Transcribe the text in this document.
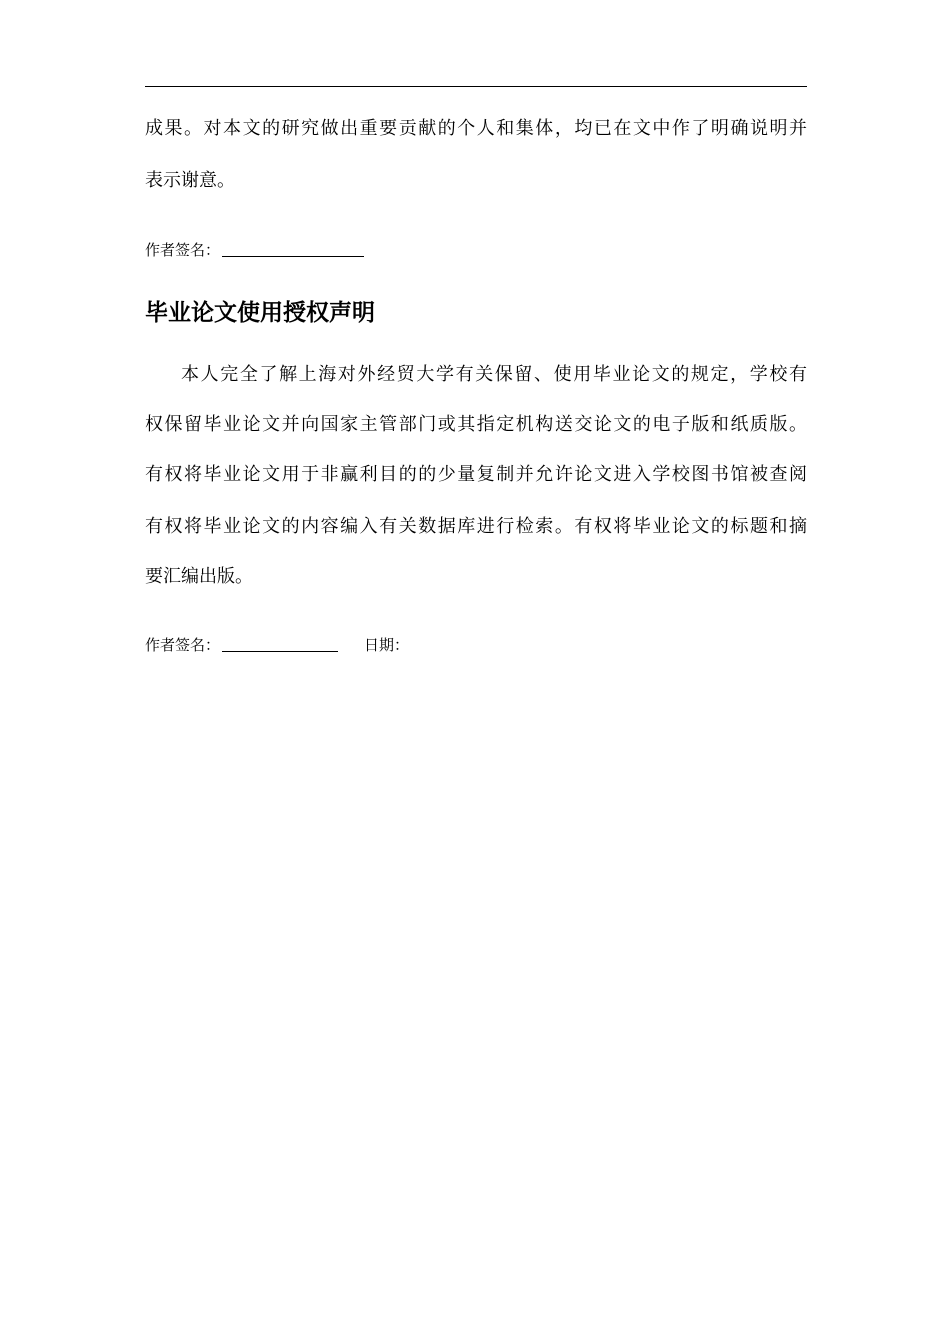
成果。对本文的研究做出重要贡献的个人和集体，均已在文中作了明确说明并
表示谢意。
作者签名：
毕业论文使用授权声明
本人完全了解上海对外经贸大学有关保留、使用毕业论文的规定，学校有
权保留毕业论文并向国家主管部门或其指定机构送交论文的电子版和纸质版。
有权将毕业论文用于非赢利目的的少量复制并允许论文进入学校图书馆被查阅
有权将毕业论文的内容编入有关数据库进行检索。有权将毕业论文的标题和摘
要汇编出版。
作者签名：	日期：
